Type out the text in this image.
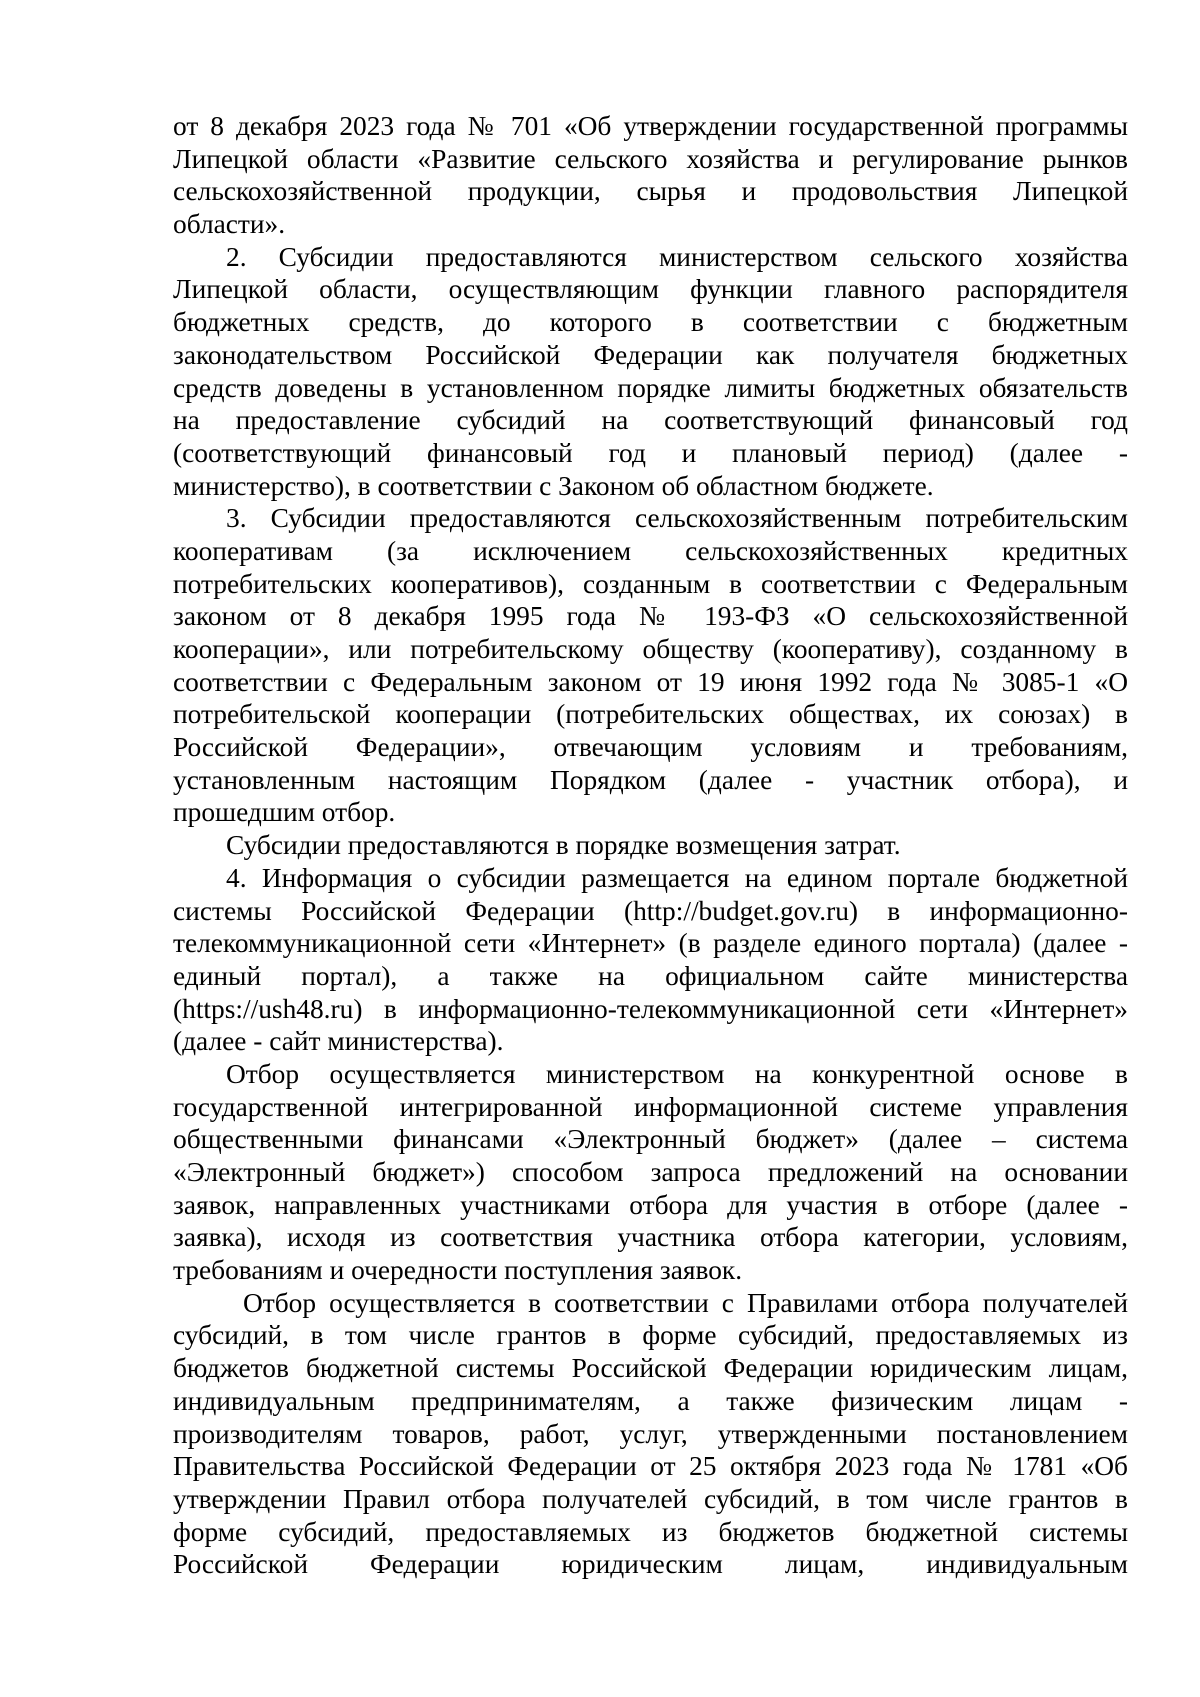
от 8 декабря 2023 года № 701 «Об утверждении государственной программы
Липецкой области «Развитие сельского хозяйства и регулирование рынков
сельскохозяйственной продукции, сырья и продовольствия Липецкой
области».
2. Субсидии предоставляются министерством сельского хозяйства
Липецкой области, осуществляющим функции главного распорядителя
бюджетных средств, до которого в соответствии с бюджетным
законодательством Российской Федерации как получателя бюджетных
средств доведены в установленном порядке лимиты бюджетных обязательств
на предоставление субсидий на соответствующий финансовый год
(соответствующий финансовый год и плановый период) (далее -
министерство), в соответствии с Законом об областном бюджете.
3. Субсидии предоставляются сельскохозяйственным потребительским
кооперативам (за исключением сельскохозяйственных кредитных
потребительских кооперативов), созданным в соответствии с Федеральным
законом от 8 декабря 1995 года № 193-ФЗ «О сельскохозяйственной
кооперации», или потребительскому обществу (кооперативу), созданному в
соответствии с Федеральным законом от 19 июня 1992 года № 3085-1 «О
потребительской кооперации (потребительских обществах, их союзах) в
Российской Федерации», отвечающим условиям и требованиям,
установленным настоящим Порядком (далее - участник отбора), и
прошедшим отбор.
Субсидии предоставляются в порядке возмещения затрат.
4. Информация о субсидии размещается на едином портале бюджетной
системы Российской Федерации (http://budget.gov.ru) в информационно-
телекоммуникационной сети «Интернет» (в разделе единого портала) (далее -
единый портал), а также на официальном сайте министерства
(https://ush48.ru) в информационно-телекоммуникационной сети «Интернет»
(далее - сайт министерства).
Отбор осуществляется министерством на конкурентной основе в
государственной интегрированной информационной системе управления
общественными финансами «Электронный бюджет» (далее – система
«Электронный бюджет») способом запроса предложений на основании
заявок, направленных участниками отбора для участия в отборе (далее -
заявка), исходя из соответствия участника отбора категории, условиям,
требованиям и очередности поступления заявок.
Отбор осуществляется в соответствии с Правилами отбора получателей
субсидий, в том числе грантов в форме субсидий, предоставляемых из
бюджетов бюджетной системы Российской Федерации юридическим лицам,
индивидуальным предпринимателям, а также физическим лицам -
производителям товаров, работ, услуг, утвержденными постановлением
Правительства Российской Федерации от 25 октября 2023 года № 1781 «Об
утверждении Правил отбора получателей субсидий, в том числе грантов в
форме субсидий, предоставляемых из бюджетов бюджетной системы
Российской Федерации юридическим лицам, индивидуальным
